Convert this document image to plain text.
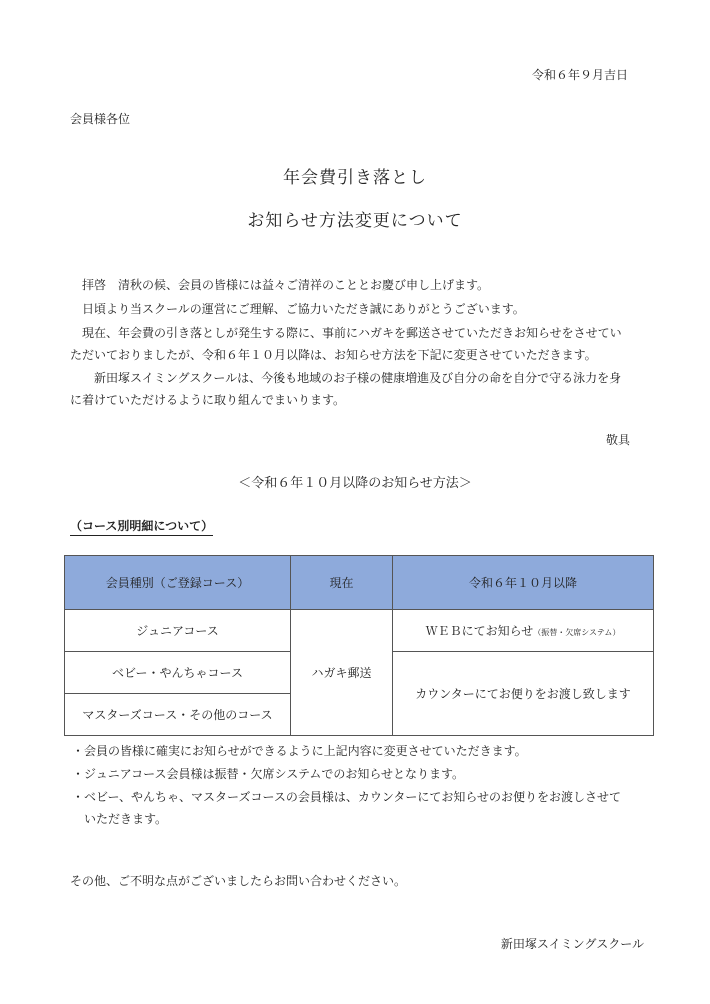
令和６年９月吉日
会員様各位
年会費引き落とし
お知らせ方法変更について
　拝啓　清秋の候、会員の皆様には益々ご清祥のこととお慶び申し上げます。
　日頃より当スクールの運営にご理解、ご協力いただき誠にありがとうございます。
　現在、年会費の引き落としが発生する際に、事前にハガキを郵送させていただきお知らせをさせてい
ただいておりましたが、令和６年１０月以降は、お知らせ方法を下記に変更させていただきます。
　　新田塚スイミングスクールは、今後も地域のお子様の健康増進及び自分の命を自分で守る泳力を身
に着けていただけるように取り組んでまいります。
敬具
＜令和６年１０月以降のお知らせ方法＞
（コース別明細について）
会員種別（ご登録コース）	現在	令和６年１０月以降
ジュニアコース	ハガキ郵送	ＷＥＢにてお知らせ（振替・欠席システム）
ベビー・やんちゃコース		カウンターにてお便りをお渡し致します
マスターズコース・その他のコース		
・会員の皆様に確実にお知らせができるように上記内容に変更させていただきます。
・ジュニアコース会員様は振替・欠席システムでのお知らせとなります。
・ベビー、やんちゃ、マスターズコースの会員様は、カウンターにてお知らせのお便りをお渡しさせて
　いただきます。
その他、ご不明な点がございましたらお問い合わせください。
新田塚スイミングスクール
